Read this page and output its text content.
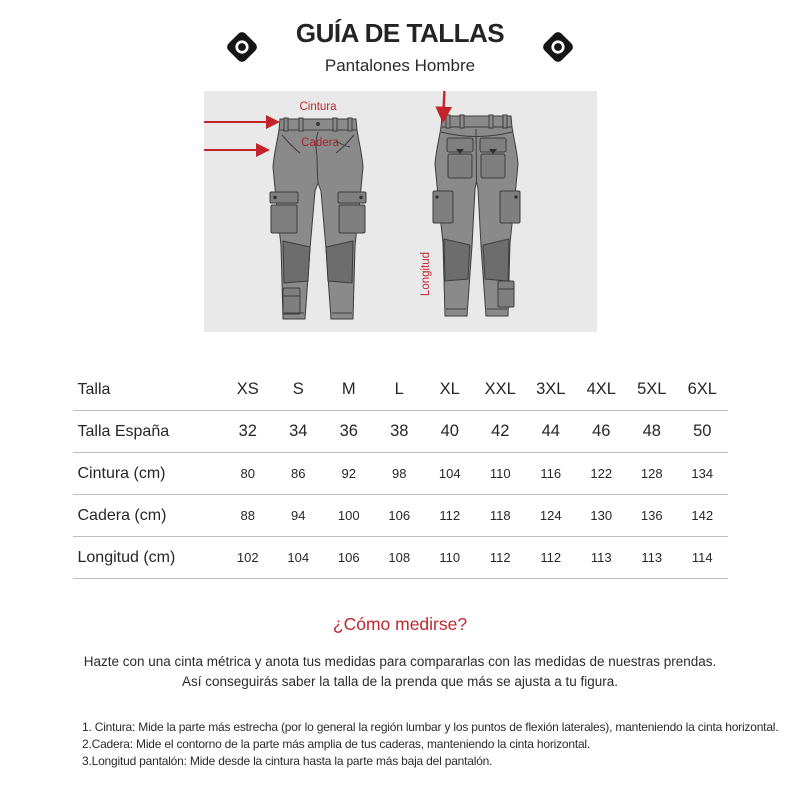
GUÍA DE TALLAS
Pantalones Hombre
Cintura
Cadera
Longitud
Talla	XS	S	M	L	XL	XXL	3XL	4XL	5XL	6XL
Talla España	32	34	36	38	40	42	44	46	48	50
Cintura (cm)	80	86	92	98	104	110	116	122	128	134
Cadera (cm)	88	94	100	106	112	118	124	130	136	142
Longitud (cm)	102	104	106	108	110	112	112	113	113	114
¿Cómo medirse?
Hazte con una cinta métrica y anota tus medidas para compararlas con las medidas de nuestras prendas.
Así conseguirás saber la talla de la prenda que más se ajusta a tu figura.
1. Cintura: Mide la parte más estrecha (por lo general la región lumbar y los puntos de flexión laterales), manteniendo la cinta horizontal.
2.Cadera: Mide el contorno de la parte más amplia de tus caderas, manteniendo la cinta horizontal.
3.Longitud pantalón: Mide desde la cintura hasta la parte más baja del pantalón.
